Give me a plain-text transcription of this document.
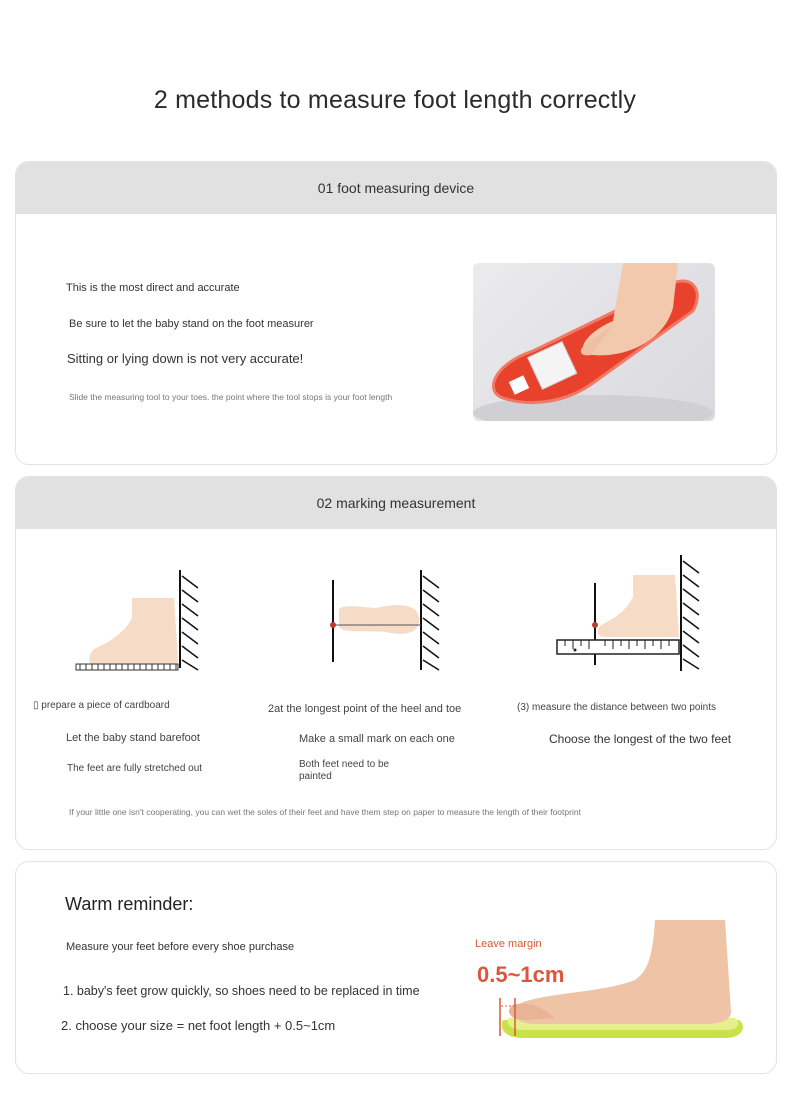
2 methods to measure foot length correctly
01 foot measuring device
This is the most direct and accurate
Be sure to let the baby stand on the foot measurer
Sitting or lying down is not very accurate!
Slide the measuring tool to your toes. the point where the tool stops is your foot length
02 marking measurement
▯ prepare a piece of cardboard
Let the baby stand barefoot
The feet are fully stretched out
2at the longest point of the heel and toe
Make a small mark on each one
Both feet need to be
painted
(3) measure the distance between two points
Choose the longest of the two feet
If your little one isn't cooperating, you can wet the soles of their feet and have them step on paper to measure the length of their footprint
Warm reminder:
Measure your feet before every shoe purchase
1. baby's feet grow quickly, so shoes need to be replaced in time
2. choose your size = net foot length + 0.5~1cm
Leave margin
0.5~1cm
